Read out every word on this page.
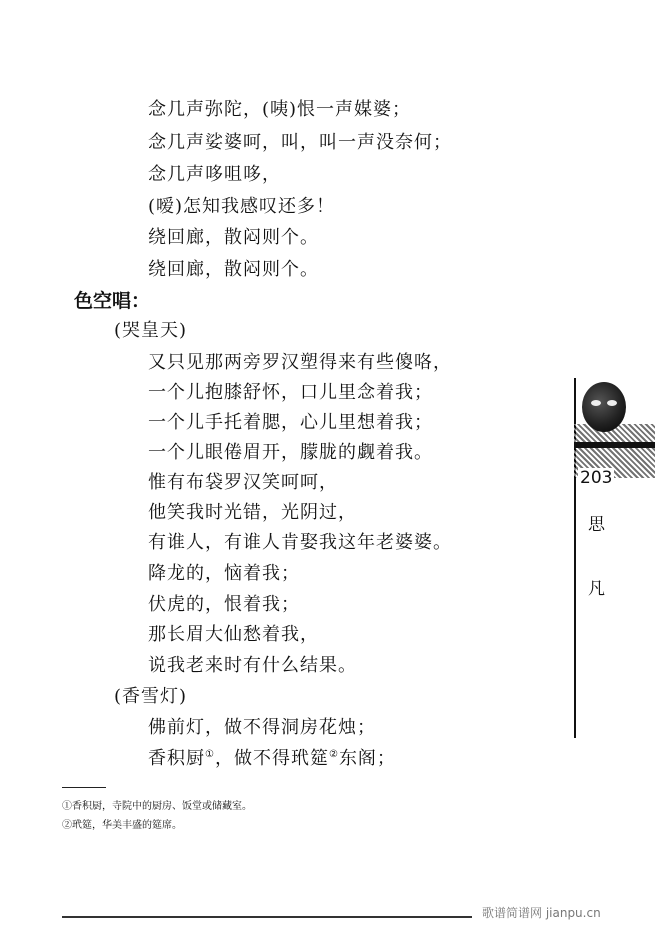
念几声弥陀，(咦)恨一声媒婆；
念几声娑婆呵，叫，叫一声没奈何；
念几声哆咀哆，
(嗳)怎知我感叹还多！
绕回廊，散闷则个。
绕回廊，散闷则个。
色空唱：
(哭皇天)
又只见那两旁罗汉塑得来有些傻咯，
一个儿抱膝舒怀，口儿里念着我；
一个儿手托着腮，心儿里想着我；
一个儿眼倦眉开，朦胧的觑着我。
惟有布袋罗汉笑呵呵，
他笑我时光错，光阴过，
有谁人，有谁人肯娶我这年老婆婆。
降龙的，恼着我；
伏虎的，恨着我；
那长眉大仙愁着我，
说我老来时有什么结果。
(香雪灯)
佛前灯，做不得洞房花烛；
香积厨①，做不得玳筵②东阁；
①香积厨，寺院中的厨房、饭堂或储藏室。
②玳筵，华美丰盛的筵席。
203
思
凡
歌谱简谱网 jianpu.cn
